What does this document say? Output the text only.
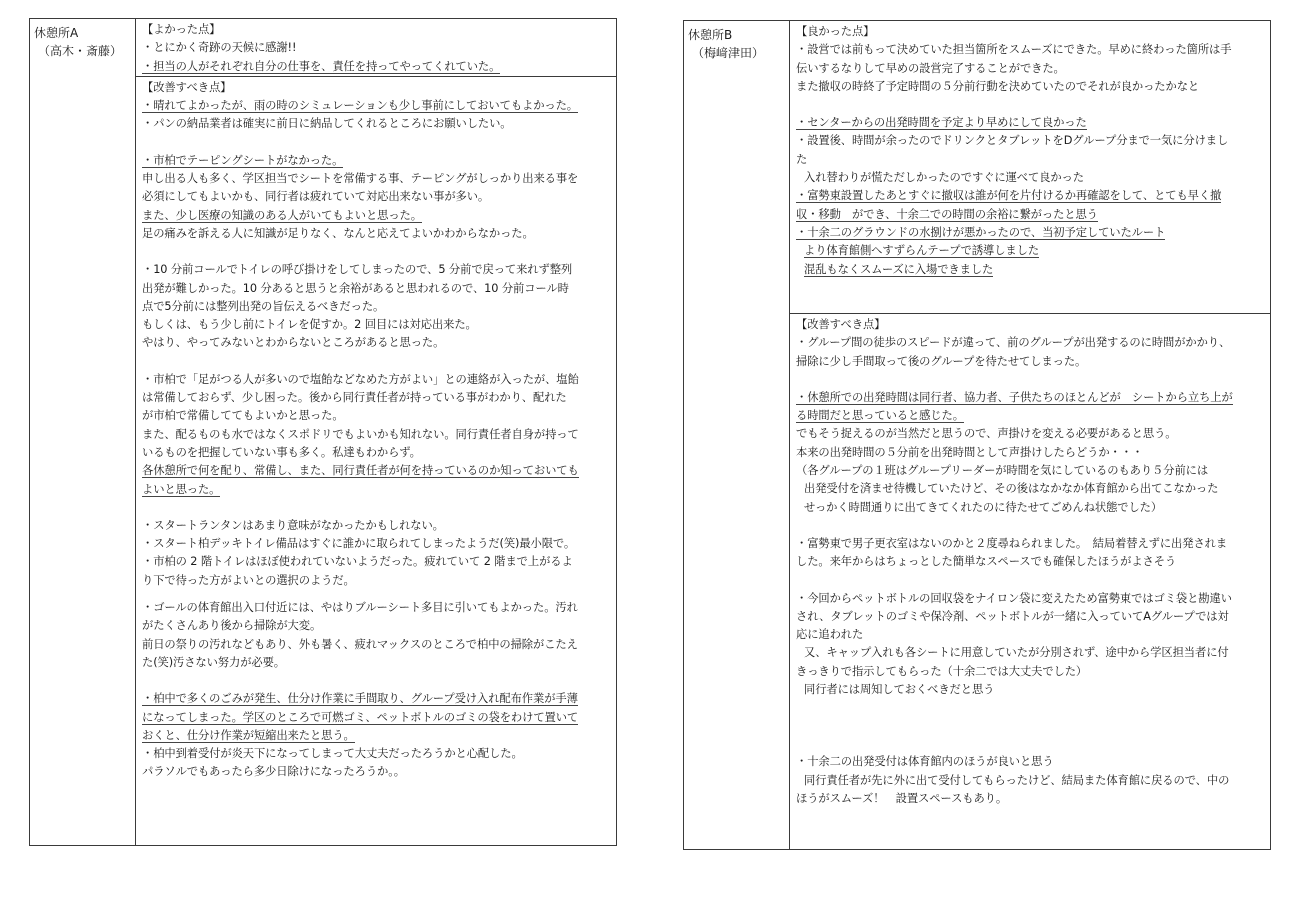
休憩所A
（高木・斎藤）
【よかった点】
・とにかく奇跡の天候に感謝!!
・担当の人がそれぞれ自分の仕事を、責任を持ってやってくれていた。
【改善すべき点】
・晴れてよかったが、雨の時のシミュレーションも少し事前にしておいてもよかった。
・パンの納品業者は確実に前日に納品してくれるところにお願いしたい。
・市柏でテーピングシートがなかった。
申し出る人も多く、学区担当でシートを常備する事、テーピングがしっかり出来る事を
必須にしてもよいかも、同行者は疲れていて対応出来ない事が多い。
また、少し医療の知識のある人がいてもよいと思った。
足の痛みを訴える人に知識が足りなく、なんと応えてよいかわからなかった。
・10 分前コールでトイレの呼び掛けをしてしまったので、5 分前で戻って来れず整列
出発が難しかった。10 分あると思うと余裕があると思われるので、10 分前コール時
点で5分前には整列出発の旨伝えるべきだった。
もしくは、もう少し前にトイレを促すか。2 回目には対応出来た。
やはり、やってみないとわからないところがあると思った。
・市柏で「足がつる人が多いので塩飴などなめた方がよい」との連絡が入ったが、塩飴
は常備しておらず、少し困った。後から同行責任者が持っている事がわかり、配れた
が市柏で常備しててもよいかと思った。
また、配るものも水ではなくスポドリでもよいかも知れない。同行責任者自身が持って
いるものを把握していない事も多く。私達もわからず。
各休憩所で何を配り、常備し、また、同行責任者が何を持っているのか知っておいても
よいと思った。
・スタートランタンはあまり意味がなかったかもしれない。
・スタート柏デッキトイレ備品はすぐに誰かに取られてしまったようだ(笑)最小限で。
・市柏の 2 階トイレはほぼ使われていないようだった。疲れていて 2 階まで上がるよ
り下で待った方がよいとの選択のようだ。
・ゴールの体育館出入口付近には、やはりブルーシート多目に引いてもよかった。汚れ
がたくさんあり後から掃除が大変。
前日の祭りの汚れなどもあり、外も暑く、疲れマックスのところで柏中の掃除がこたえ
た(笑)汚さない努力が必要。
・柏中で多くのごみが発生、仕分け作業に手間取り、グループ受け入れ配布作業が手薄
になってしまった。学区のところで可燃ゴミ、ペットボトルのゴミの袋をわけて置いて
おくと、仕分け作業が短縮出来たと思う。
・柏中到着受付が炎天下になってしまって大丈夫だったろうかと心配した。
パラソルでもあったら多少日除けになったろうか。。
休憩所B
（梅﨑津田）
【良かった点】
・設営では前もって決めていた担当箇所をスムーズにできた。早めに終わった箇所は手
伝いするなりして早めの設営完了することができた。
また撤収の時終了予定時間の５分前行動を決めていたのでそれが良かったかなと
・センターからの出発時間を予定より早めにして良かった
・設置後、時間が余ったのでドリンクとタブレットをDグループ分まで一気に分けまし
た
入れ替わりが慌ただしかったのですぐに運べて良かった
・富勢東設置したあとすぐに撤収は誰が何を片付けるか再確認をして、とても早く撤
収・移動　ができ、十余二での時間の余裕に繋がったと思う
・十余二のグラウンドの水捌けが悪かったので、当初予定していたルート
より体育館側へすずらんテープで誘導しました
混乱もなくスムーズに入場できました
【改善すべき点】
・グループ間の徒歩のスピードが違って、前のグループが出発するのに時間がかかり、
掃除に少し手間取って後のグループを待たせてしまった。
・休憩所での出発時間は同行者、協力者、子供たちのほとんどが　シートから立ち上が
る時間だと思っていると感じた。
でもそう捉えるのが当然だと思うので、声掛けを変える必要があると思う。
本来の出発時間の５分前を出発時間として声掛けしたらどうか・・・
（各グループの１班はグループリーダーが時間を気にしているのもあり５分前には
出発受付を済ませ待機していたけど、その後はなかなか体育館から出てこなかった
せっかく時間通りに出てきてくれたのに待たせてごめんね状態でした）
・富勢東で男子更衣室はないのかと２度尋ねられました。　結局着替えずに出発されま
した。来年からはちょっとした簡単なスペースでも確保したほうがよさそう
・今回からペットボトルの回収袋をナイロン袋に変えたため富勢東ではゴミ袋と勘違い
され、タブレットのゴミや保冷剤、ペットボトルが一緒に入っていてAグループでは対
応に追われた
又、キャップ入れも各シートに用意していたが分別されず、途中から学区担当者に付
きっきりで指示してもらった（十余二では大丈夫でした）
同行者には周知しておくべきだと思う
・十余二の出発受付は体育館内のほうが良いと思う
同行責任者が先に外に出て受付してもらったけど、結局また体育館に戻るので、中の
ほうがスムーズ！　設置スペースもあり。
